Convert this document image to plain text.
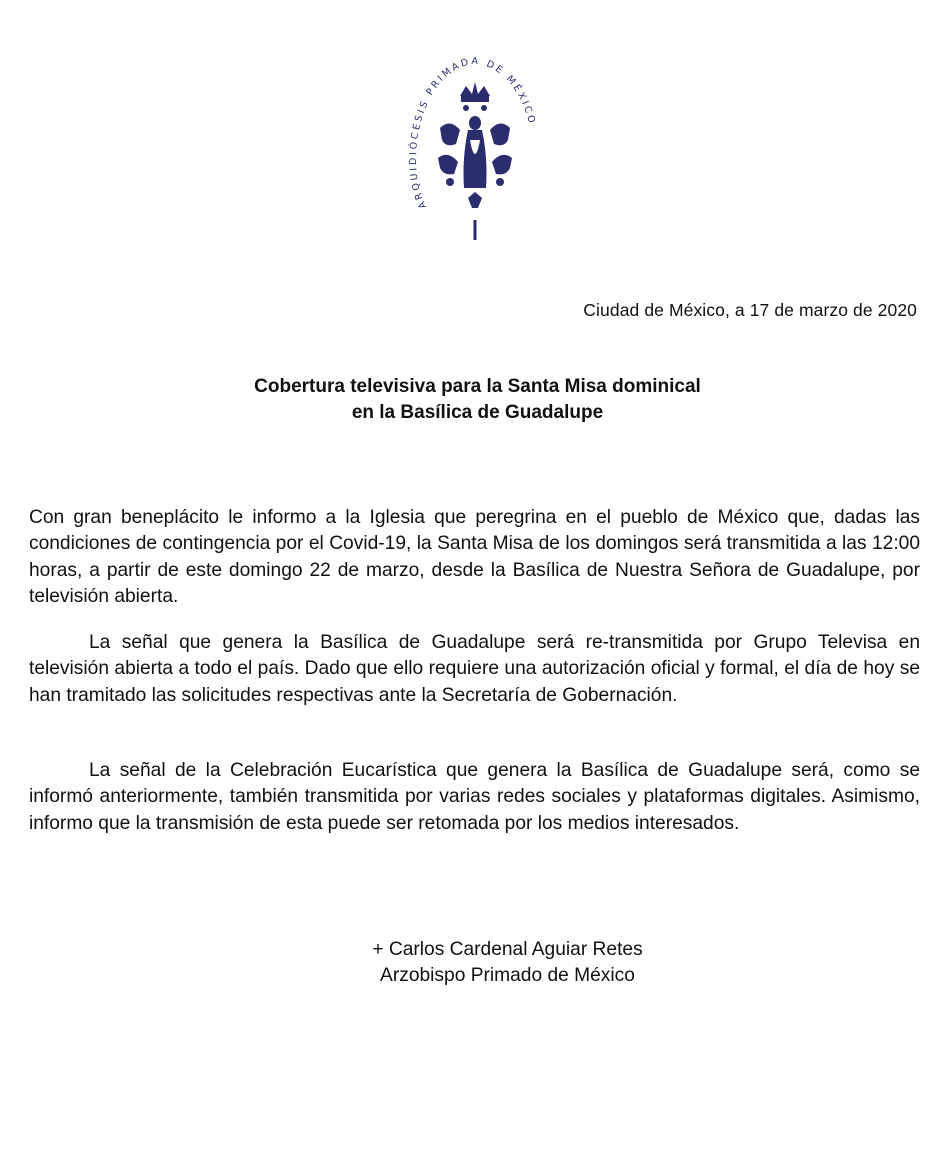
ARQUIDIÓCESIS PRIMADA DE MÉXICO
Ciudad de México, a 17 de marzo de 2020
Cobertura televisiva para la Santa Misa dominical
en la Basílica de Guadalupe
Con gran beneplácito le informo a la Iglesia que peregrina en el pueblo de México que, dadas las condiciones de contingencia por el Covid-19, la Santa Misa de los domingos será transmitida a las 12:00 horas, a partir de este domingo 22 de marzo, desde la Basílica de Nuestra Señora de Guadalupe, por televisión abierta.
La señal que genera la Basílica de Guadalupe será re-transmitida por Grupo Televisa en televisión abierta a todo el país. Dado que ello requiere una autorización oficial y formal, el día de hoy se han tramitado las solicitudes respectivas ante la Secretaría de Gobernación.
La señal de la Celebración Eucarística que genera la Basílica de Guadalupe será, como se informó anteriormente, también transmitida por varias redes sociales y plataformas digitales. Asimismo, informo que la transmisión de esta puede ser retomada por los medios interesados.
+ Carlos Cardenal Aguiar Retes
Arzobispo Primado de México
